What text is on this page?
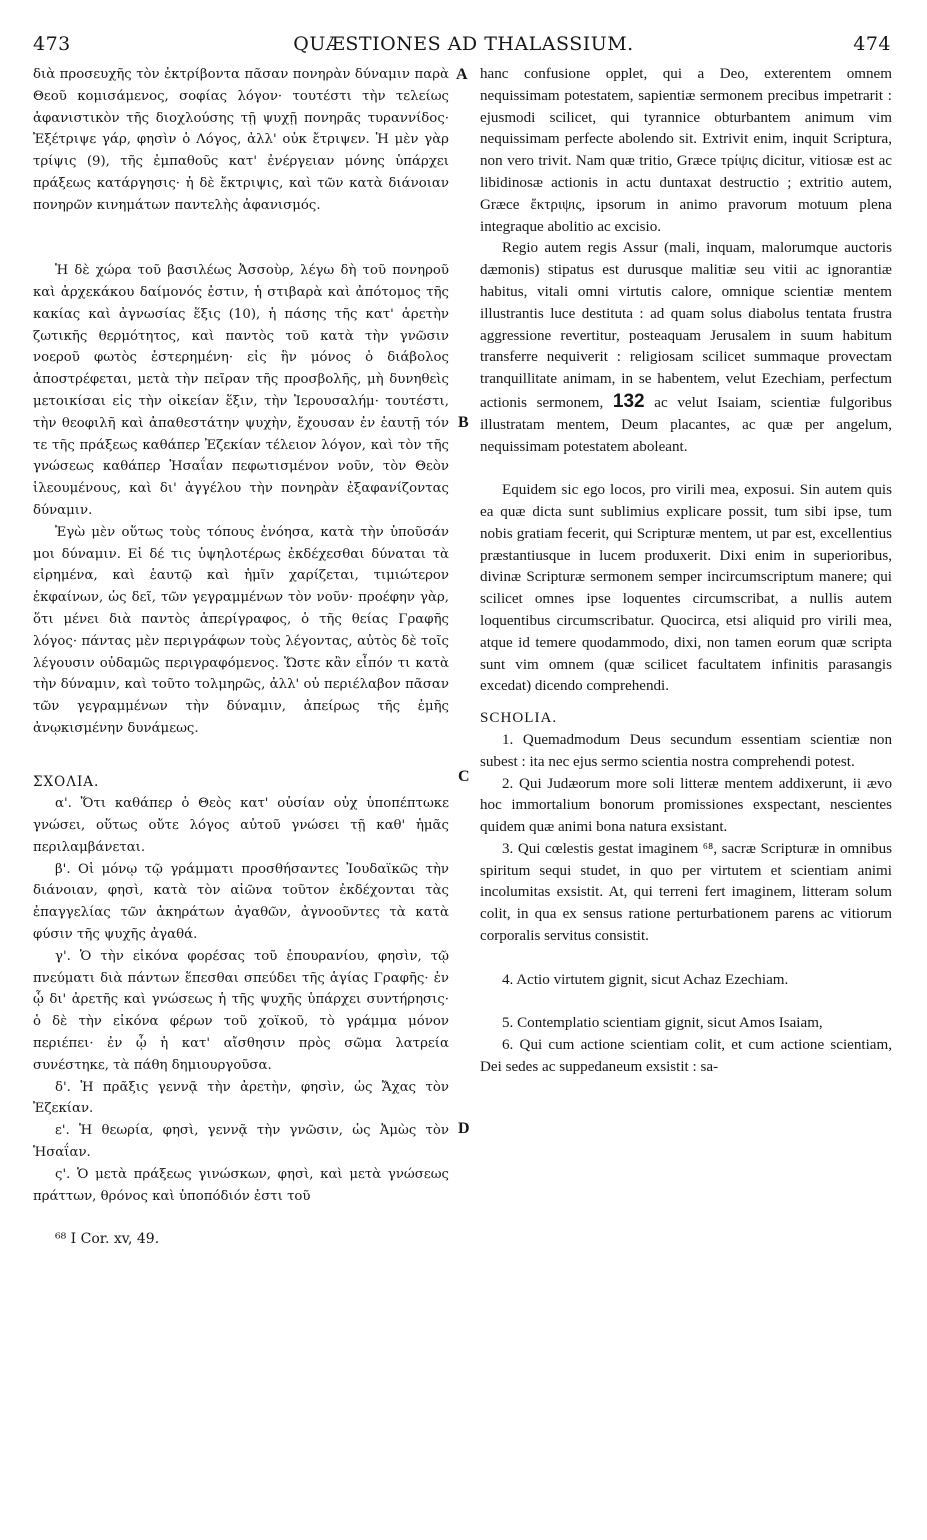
473	QUÆSTIONES AD THALASSIUM.	474
A
B
C
D

διὰ προσευχῆς τὸν ἐκτρίβοντα πᾶσαν πονηρὰν δύναμιν παρὰ Θεοῦ κομισάμενος, σοφίας λόγον· τουτέστι τὴν τελείως ἀφανιστικὸν τῆς διοχλούσης τῇ ψυχῇ πονηρᾶς τυραννίδος· Ἐξέτριψε γάρ, φησὶν ὁ Λόγος, ἀλλ' οὐκ ἔτριψεν. Ἡ μὲν γὰρ τρίψις (9), τῆς ἐμπαθοῦς κατ' ἐνέργειαν μόνης ὑπάρχει πράξεως κατάργησις· ἡ δὲ ἔκτριψις, καὶ τῶν κατὰ διάνοιαν πονηρῶν κινημάτων παντελὴς ἀφανισμός.

Ἡ δὲ χώρα τοῦ βασιλέως Ἀσσοὺρ, λέγω δὴ τοῦ πονηροῦ καὶ ἀρχεκάκου δαίμονός ἐστιν, ἡ στιβαρὰ καὶ ἀπότομος τῆς κακίας καὶ ἀγνωσίας ἕξις (10), ἡ πάσης τῆς κατ' ἀρετὴν ζωτικῆς θερμότητος, καὶ παντὸς τοῦ κατὰ τὴν γνῶσιν νοεροῦ φωτὸς ἐστερημένη· εἰς ἣν μόνος ὁ διάβολος ἀποστρέφεται, μετὰ τὴν πεῖραν τῆς προσβολῆς, μὴ δυνηθεὶς μετοικίσαι εἰς τὴν οἰκείαν ἕξιν, τὴν Ἱερουσαλήμ· τουτέστι, τὴν θεοφιλῆ καὶ ἀπαθεστάτην ψυχὴν, ἔχουσαν ἐν ἑαυτῇ τόν τε τῆς πράξεως καθάπερ Ἐζεκίαν τέλειον λόγον, καὶ τὸν τῆς γνώσεως καθάπερ Ἡσαΐαν πεφωτισμένον νοῦν, τὸν Θεὸν ἱλεουμένους, καὶ δι' ἀγγέλου τὴν πονηρὰν ἐξαφανίζοντας δύναμιν.

Ἐγὼ μὲν οὕτως τοὺς τόπους ἐνόησα, κατὰ τὴν ὑποῦσάν μοι δύναμιν. Εἰ δέ τις ὑψηλοτέρως ἐκδέχεσθαι δύναται τὰ εἰρημένα, καὶ ἑαυτῷ καὶ ἡμῖν χαρίζεται, τιμιώτερον ἐκφαίνων, ὡς δεῖ, τῶν γεγραμμένων τὸν νοῦν· προέφην γὰρ, ὅτι μένει διὰ παντὸς ἀπερίγραφος, ὁ τῆς θείας Γραφῆς λόγος· πάντας μὲν περιγράφων τοὺς λέγοντας, αὐτὸς δὲ τοῖς λέγουσιν οὐδαμῶς περιγραφόμενος. Ὥστε κἂν εἶπόν τι κατὰ τὴν δύναμιν, καὶ τοῦτο τολμηρῶς, ἀλλ' οὐ περιέλαβον πᾶσαν τῶν γεγραμμένων τὴν δύναμιν, ἀπείρως τῆς ἐμῆς ἀνῳκισμένην δυνάμεως.

ΣΧΟΛΙΑ.

α'. Ὅτι καθάπερ ὁ Θεὸς κατ' οὐσίαν οὐχ ὑποπέπτωκε γνώσει, οὕτως οὔτε λόγος αὐτοῦ γνώσει τῇ καθ' ἡμᾶς περιλαμβάνεται.

β'. Οἱ μόνῳ τῷ γράμματι προσθήσαντες Ἰουδαϊκῶς τὴν διάνοιαν, φησὶ, κατὰ τὸν αἰῶνα τοῦτον ἐκδέχονται τὰς ἐπαγγελίας τῶν ἀκηράτων ἀγαθῶν, ἀγνοοῦντες τὰ κατὰ φύσιν τῆς ψυχῆς ἀγαθά.

γ'. Ὁ τὴν εἰκόνα φορέσας τοῦ ἐπουρανίου, φησὶν, τῷ πνεύματι διὰ πάντων ἕπεσθαι σπεύδει τῆς ἁγίας Γραφῆς· ἐν ᾧ δι' ἀρετῆς καὶ γνώσεως ἡ τῆς ψυχῆς ὑπάρχει συντήρησις· ὁ δὲ τὴν εἰκόνα φέρων τοῦ χοϊκοῦ, τὸ γράμμα μόνον περιέπει· ἐν ᾧ ἡ κατ' αἴσθησιν πρὸς σῶμα λατρεία συνέστηκε, τὰ πάθη δημιουργοῦσα.

δ'. Ἡ πρᾶξις γεννᾷ τὴν ἀρετὴν, φησὶν, ὡς Ἄχας τὸν Ἐζεκίαν.

ε'. Ἡ θεωρία, φησὶ, γεννᾷ τὴν γνῶσιν, ὡς Ἀμὼς τὸν Ἡσαΐαν.

ς'. Ὁ μετὰ πράξεως γινώσκων, φησὶ, καὶ μετὰ γνώσεως πράττων, θρόνος καὶ ὑποπόδιόν ἐστι τοῦ

⁶⁸ I Cor. xv, 49.

hanc confusione opplet, qui a Deo, exterentem omnem nequissimam potestatem, sapientiæ sermonem precibus impetrarit : ejusmodi scilicet, qui tyrannice obturbantem animum vim nequissimam perfecte abolendo sit. Extrivit enim, inquit Scriptura, non vero trivit. Nam quæ tritio, Græce τρίψις dicitur, vitiosæ est ac libidinosæ actionis in actu duntaxat destructio ; extritio autem, Græce ἔκτριψις, ipsorum in animo pravorum motuum plena integraque abolitio ac excisio.

Regio autem regis Assur (mali, inquam, malorumque auctoris dæmonis) stipatus est durusque malitiæ seu vitii ac ignorantiæ habitus, vitali omni virtutis calore, omnique scientiæ mentem illustrantis luce destituta : ad quam solus diabolus tentata frustra aggressione revertitur, posteaquam Jerusalem in suum habitum transferre nequiverit : religiosam scilicet summaque provectam tranquillitate animam, in se habentem, velut Ezechiam, perfectum actionis sermonem, 132 ac velut Isaiam, scientiæ fulgoribus illustratam mentem, Deum placantes, ac quæ per angelum, nequissimam potestatem aboleant.

Equidem sic ego locos, pro virili mea, exposui. Sin autem quis ea quæ dicta sunt sublimius explicare possit, tum sibi ipse, tum nobis gratiam fecerit, qui Scripturæ mentem, ut par est, excellentius præstantiusque in lucem produxerit. Dixi enim in superioribus, divinæ Scripturæ sermonem semper incircumscriptum manere; qui scilicet omnes ipse loquentes circumscribat, a nullis autem loquentibus circumscribatur. Quocirca, etsi aliquid pro virili mea, atque id temere quodammodo, dixi, non tamen eorum quæ scripta sunt vim omnem (quæ scilicet facultatem infinitis parasangis excedat) dicendo comprehendi.

SCHOLIA.

1. Quemadmodum Deus secundum essentiam scientiæ non subest : ita nec ejus sermo scientia nostra comprehendi potest.

2. Qui Judæorum more soli litteræ mentem addixerunt, ii ævo hoc immortalium bonorum promissiones exspectant, nescientes quidem quæ animi bona natura exsistant.

3. Qui cœlestis gestat imaginem ⁶⁸, sacræ Scripturæ in omnibus spiritum sequi studet, in quo per virtutem et scientiam animi incolumitas exsistit. At, qui terreni fert imaginem, litteram solum colit, in qua ex sensus ratione perturbationem parens ac vitiorum corporalis servitus consistit.

4. Actio virtutem gignit, sicut Achaz Ezechiam.

5. Contemplatio scientiam gignit, sicut Amos Isaiam,

6. Qui cum actione scientiam colit, et cum actione scientiam, Dei sedes ac suppedaneum exsistit : sa-
